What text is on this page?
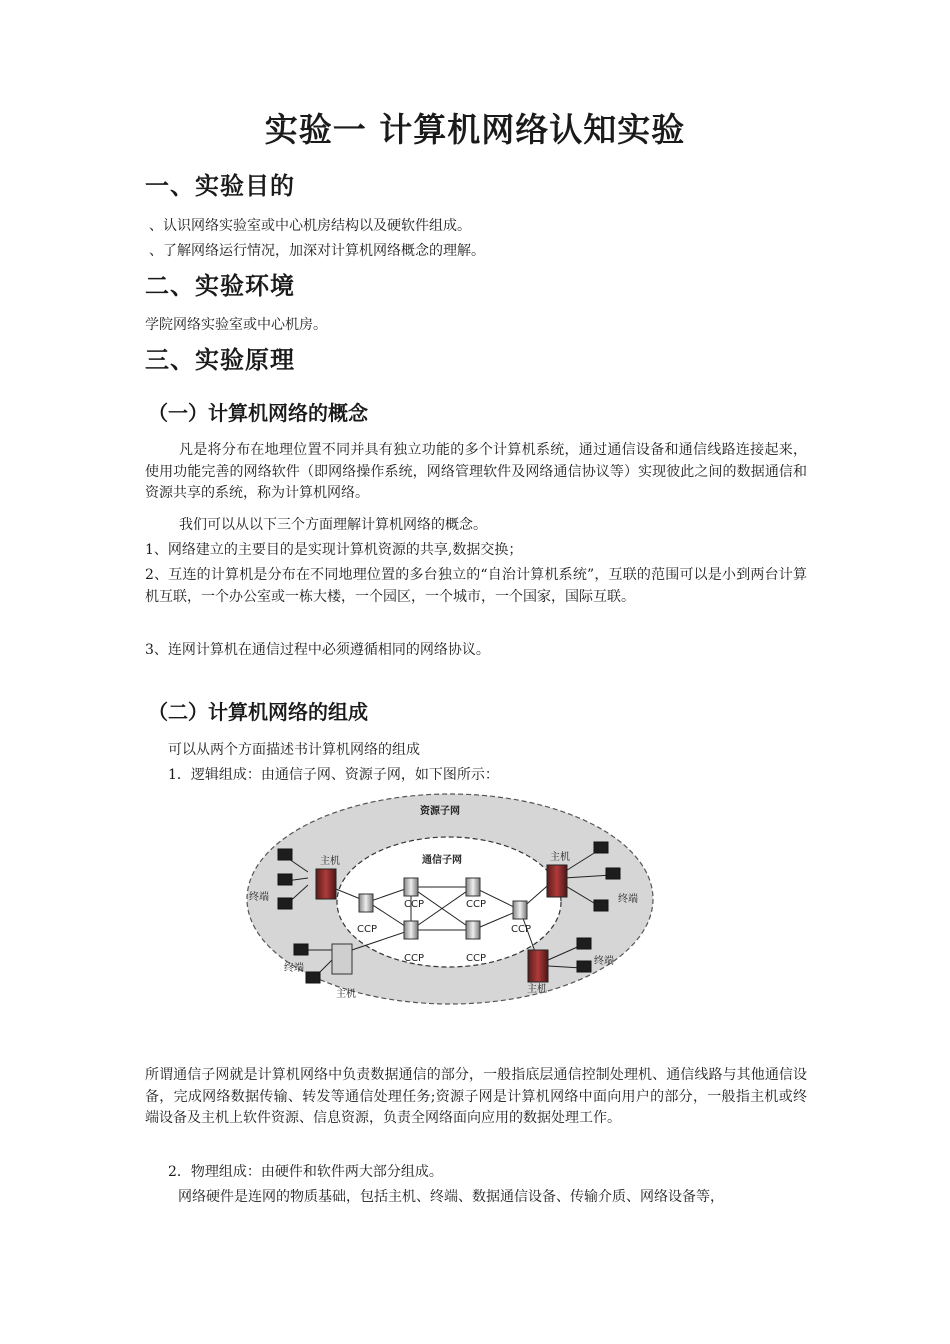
实验一 计算机网络认知实验
一、实验目的
、认识网络实验室或中心机房结构以及硬软件组成。
、了解网络运行情况，加深对计算机网络概念的理解。
二、实验环境
学院网络实验室或中心机房。
三、实验原理
（一）计算机网络的概念

凡是将分布在地理位置不同并具有独立功能的多个计算机系统，通过通信设备和通信线路连接起来，使用功能完善的网络软件（即网络操作系统，网络管理软件及网络通信协议等）实现彼此之间的数据通信和资源共享的系统，称为计算机网络。

我们可以从以下三个方面理解计算机网络的概念。
1、网络建立的主要目的是实现计算机资源的共享,数据交换；

2、互连的计算机是分布在不同地理位置的多台独立的“自治计算机系统”，互联的范围可以是小到两台计算机互联，一个办公室或一栋大楼，一个园区，一个城市，一个国家，国际互联。

3、连网计算机在通信过程中必须遵循相同的网络协议。
（二）计算机网络的组成
可以从两个方面描述书计算机网络的组成
1．逻辑组成：由通信子网、资源子网，如下图所示：
资源子网
通信子网
主机	主机
主机
主机
终端	终端
终端
终端
CCP
CCP
CCP
CCP
CCP
CCP

所谓通信子网就是计算机网络中负责数据通信的部分，一般指底层通信控制处理机、通信线路与其他通信设备，完成网络数据传输、转发等通信处理任务;资源子网是计算机网络中面向用户的部分，一般指主机或终端设备及主机上软件资源、信息资源，负责全网络面向应用的数据处理工作。

2．物理组成：由硬件和软件两大部分组成。
网络硬件是连网的物质基础，包括主机、终端、数据通信设备、传输介质、网络设备等，
